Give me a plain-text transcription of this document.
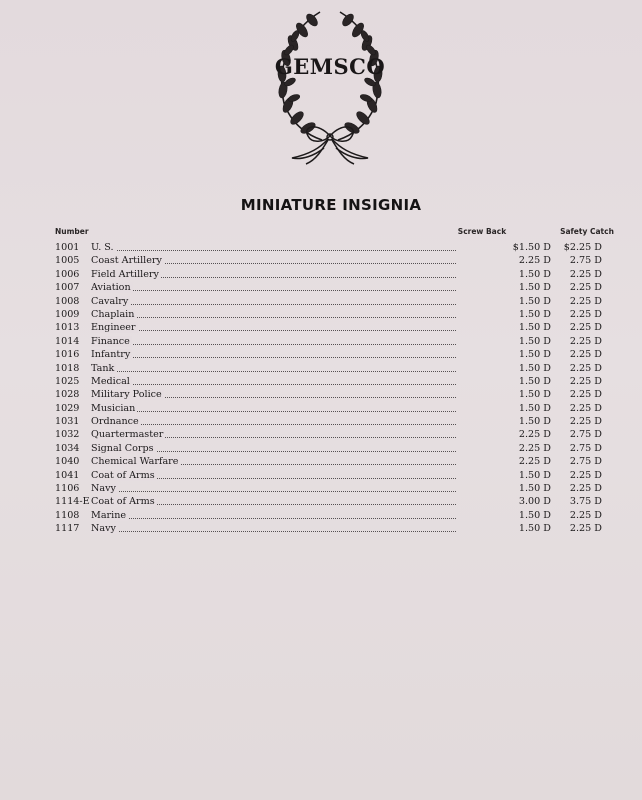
GEMSCO
MINIATURE INSIGNIA
Number	Screw Back	Safety Catch
1001	U. S.	$1.50 D	$2.25 D
1005	Coast Artillery	2.25 D	2.75 D
1006	Field Artillery	1.50 D	2.25 D
1007	Aviation	1.50 D	2.25 D
1008	Cavalry	1.50 D	2.25 D
1009	Chaplain	1.50 D	2.25 D
1013	Engineer	1.50 D	2.25 D
1014	Finance	1.50 D	2.25 D
1016	Infantry	1.50 D	2.25 D
1018	Tank	1.50 D	2.25 D
1025	Medical	1.50 D	2.25 D
1028	Military Police	1.50 D	2.25 D
1029	Musician	1.50 D	2.25 D
1031	Ordnance	1.50 D	2.25 D
1032	Quartermaster	2.25 D	2.75 D
1034	Signal Corps	2.25 D	2.75 D
1040	Chemical Warfare	2.25 D	2.75 D
1041	Coat of Arms	1.50 D	2.25 D
1106	Navy	1.50 D	2.25 D
1114-E Coat of Arms	3.00 D	3.75 D
1108	Marine	1.50 D	2.25 D
1117	Navy	1.50 D	2.25 D
